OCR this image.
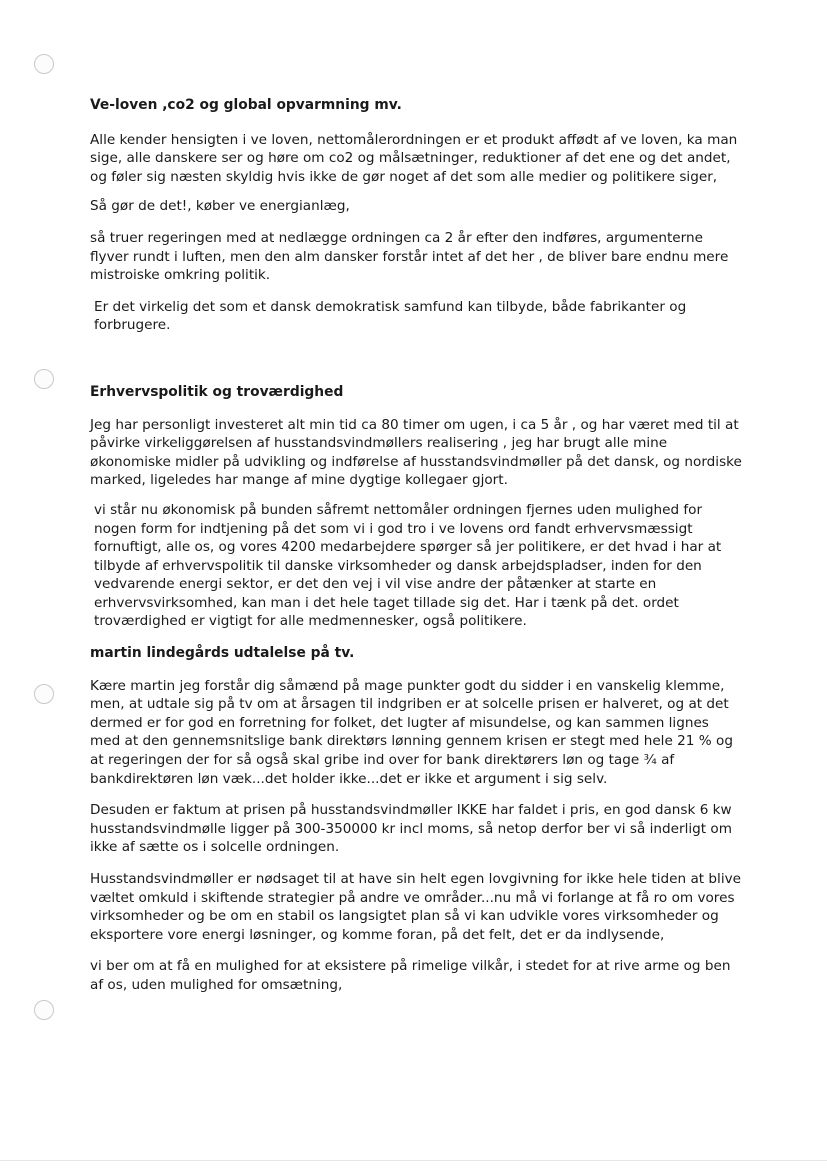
Ve-loven ,co2 og global opvarmning mv.

Alle kender hensigten i ve loven, nettomålerordningen er et produkt affødt af ve loven, ka man sige, alle danskere ser og høre om co2 og målsætninger, reduktioner af det ene og det andet, og føler sig næsten skyldig hvis ikke de gør noget af det som alle medier og politikere siger,

Så gør de det!, køber ve energianlæg,

så truer regeringen med at nedlægge ordningen ca 2 år efter den indføres, argumenterne flyver rundt i luften, men den alm dansker forstår intet af det her , de bliver bare endnu mere mistroiske omkring politik.

Er det virkelig det som et dansk demokratisk samfund kan tilbyde, både fabrikanter og forbrugere.

Erhvervspolitik og troværdighed

Jeg har personligt investeret alt min tid ca 80 timer om ugen, i ca 5 år , og har været med til at påvirke virkeliggørelsen af husstandsvindmøllers realisering , jeg har brugt alle mine økonomiske midler på udvikling og indførelse af husstandsvindmøller på det dansk, og nordiske marked, ligeledes har mange af mine dygtige kollegaer gjort.

vi står nu økonomisk på bunden såfremt nettomåler ordningen fjernes uden mulighed for nogen form for indtjening på det som vi i god tro i ve lovens ord fandt erhvervsmæssigt fornuftigt, alle os, og vores 4200 medarbejdere spørger så jer politikere, er det hvad i har at tilbyde af erhvervspolitik til danske virksomheder og dansk arbejdspladser, inden for den vedvarende energi sektor, er det den vej i vil vise andre der påtænker at starte en erhvervsvirksomhed, kan man i det hele taget tillade sig det. Har i tænk på det. ordet troværdighed er vigtigt for alle medmennesker, også politikere.

martin lindegårds udtalelse på tv.

Kære martin jeg forstår dig såmænd på mage punkter godt du sidder i en vanskelig klemme, men, at udtale sig på tv om at årsagen til indgriben er at solcelle prisen er halveret, og at det dermed er for god en forretning for folket, det lugter af misundelse, og kan sammen lignes med at den gennemsnitslige bank direktørs lønning gennem krisen er stegt med hele 21 % og at regeringen der for så også skal gribe ind over for bank direktørers løn og tage ¾ af bankdirektøren løn væk...det holder ikke...det er ikke et argument i sig selv.

Desuden er faktum at prisen på husstandsvindmøller IKKE har faldet i pris, en god dansk 6 kw husstandsvindmølle ligger på 300-350000 kr incl moms, så netop derfor ber vi så inderligt om ikke af sætte os i solcelle ordningen.

Husstandsvindmøller er nødsaget til at have sin helt egen lovgivning for ikke hele tiden at blive væltet omkuld i skiftende strategier på andre ve områder...nu må vi forlange at få ro om vores virksomheder og be om en stabil os langsigtet plan så vi kan udvikle vores virksomheder og eksportere vore energi løsninger, og komme foran, på det felt, det er da indlysende,

vi ber om at få en mulighed for at eksistere på rimelige vilkår, i stedet for at rive arme og ben af os, uden mulighed for omsætning,
